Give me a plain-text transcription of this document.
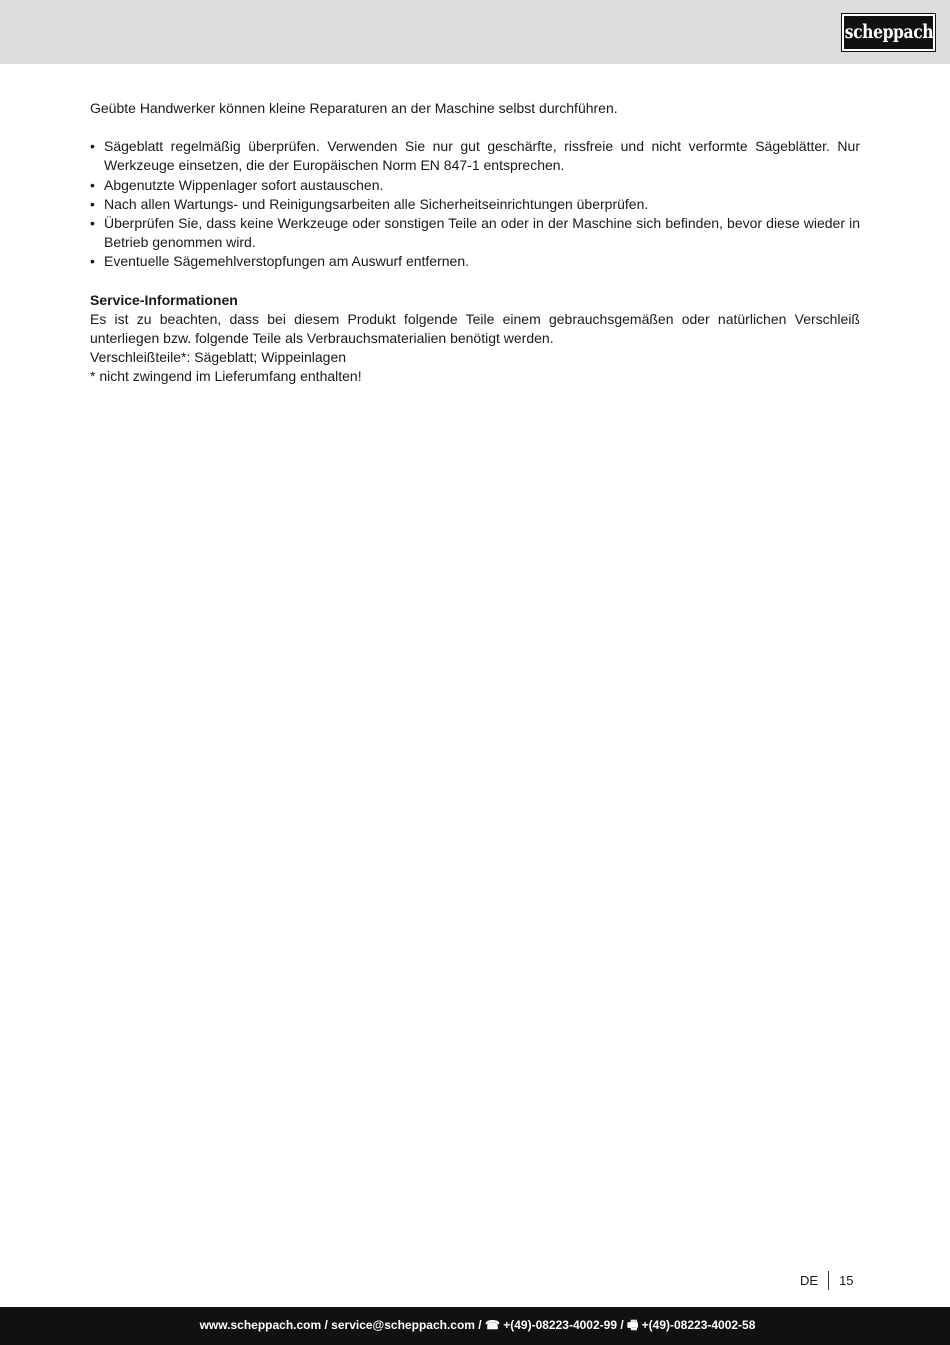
scheppach

Geübte Handwerker können kleine Reparaturen an der Maschine selbst durchführen.

• Sägeblatt regelmäßig überprüfen. Verwenden Sie nur gut geschärfte, rissfreie und nicht verformte Sägeblätter. Nur Werkzeuge einsetzen, die der Europäischen Norm EN 847-1 entsprechen.
• Abgenutzte Wippenlager sofort austauschen.
• Nach allen Wartungs- und Reinigungsarbeiten alle Sicherheitseinrichtungen überprüfen.
• Überprüfen Sie, dass keine Werkzeuge oder sonstigen Teile an oder in der Maschine sich befinden, bevor diese wieder in Betrieb genommen wird.
• Eventuelle Sägemehlverstopfungen am Auswurf entfernen.

Service-Informationen

Es ist zu beachten, dass bei diesem Produkt folgende Teile einem gebrauchsgemäßen oder natürlichen Verschleiß unterliegen bzw. folgende Teile als Verbrauchsmaterialien benötigt werden.

Verschleißteile*: Sägeblatt; Wippeinlagen

* nicht zwingend im Lieferumfang enthalten!

DE	15
www.scheppach.com / service@scheppach.com / ☎ +(49)-08223-4002-99 / 🖷 +(49)-08223-4002-58
